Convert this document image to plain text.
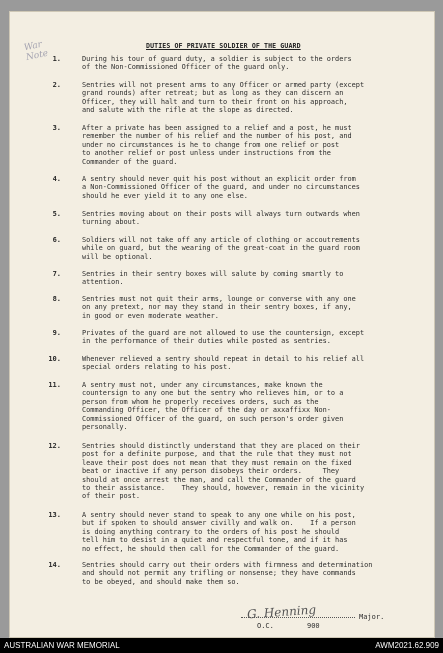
War
Note
DUTIES OF PRIVATE SOLDIER OF THE GUARD
1.	During his tour of guard duty, a soldier is subject to the orders
of the Non-Commissioned Officer of the guard only.
2.	Sentries will not present arms to any Officer or armed party (except
grand rounds) after retreat; but as long as they can discern an
Officer, they will halt and turn to their front on his approach,
and salute with the rifle at the slope as directed.
3.	After a private has been assigned to a relief and a post, he must
remember the number of his relief and the number of his post, and
under no circumstances is he to change from one relief or post
to another relief or post unless under instructions from the
Commander of the guard.
4.	A sentry should never quit his post without an explicit order from
a Non-Commissioned Officer of the guard, and under no circumstances
should he ever yield it to any one else.
5.	Sentries moving about on their posts will always turn outwards when
turning about.
6.	Soldiers will not take off any article of clothing or accoutrements
while on guard, but the wearing of the great-coat in the guard room
will be optional.
7.	Sentries in their sentry boxes will salute by coming smartly to
attention.
8.	Sentries must not quit their arms, lounge or converse with any one
on any pretext, nor may they stand in their sentry boxes, if any,
in good or even moderate weather.
9.	Privates of the guard are not allowed to use the countersign, except
in the performance of their duties while posted as sentries.
10.	Whenever relieved a sentry should repeat in detail to his relief all
special orders relating to his post.
11.	A sentry must not, under any circumstances, make known the
countersign to any one but the sentry who relieves him, or to a
person from whom he properly receives orders, such as the
Commanding Officer, the Officer of the day or axxaffixx Non-
Commissioned Officer of the guard, on such person's order given
personally.
12.	Sentries should distinctly understand that they are placed on their
post for a definite purpose, and that the rule that they must not
leave their post does not mean that they must remain on the fixed
beat or inactive if any person disobeys their orders.     They
should at once arrest the man, and call the Commander of the guard
to their assistance.    They should, however, remain in the vicinity
of their post.
13.	A sentry should never stand to speak to any one while on his post,
but if spoken to should answer civilly and walk on.    If a person
is doing anything contrary to the orders of his post he should
tell him to desist in a quiet and respectful tone, and if it has
no effect, he should then call for the Commander of the guard.
14.	Sentries should carry out their orders with firmness and determination
and should not permit any trifling or nonsense; they have commands
to be obeyed, and should make them so.
G. Henning	Major.
O.C.	900
AUSTRALIAN WAR MEMORIAL	AWM2021.62.909
